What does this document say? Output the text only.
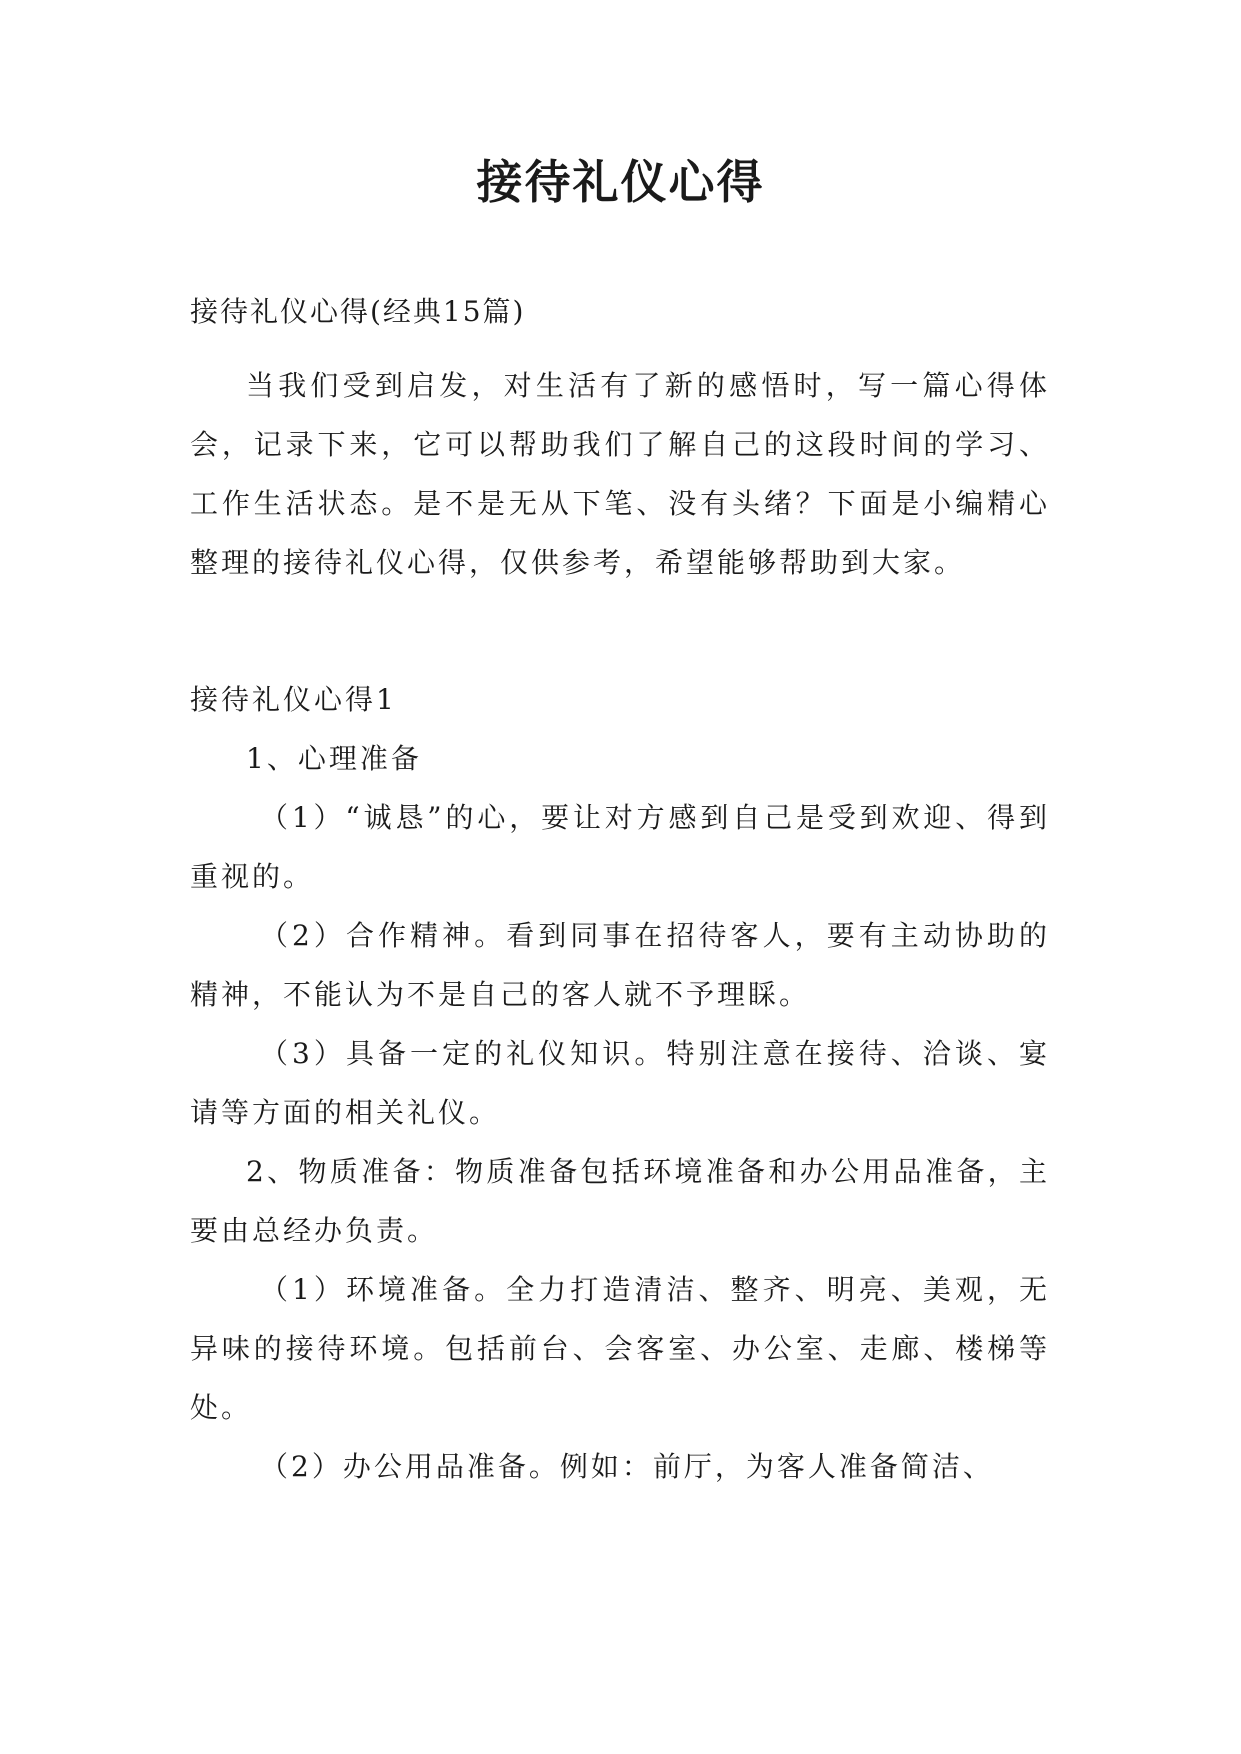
接待礼仪心得
接待礼仪心得(经典15篇)

当我们受到启发，对生活有了新的感悟时，写一篇心得体会，记录下来，它可以帮助我们了解自己的这段时间的学习、工作生活状态。是不是无从下笔、没有头绪？下面是小编精心整理的接待礼仪心得，仅供参考，希望能够帮助到大家。

接待礼仪心得1

1、心理准备

（1）“诚恳”的心，要让对方感到自己是受到欢迎、得到重视的。

（2）合作精神。看到同事在招待客人，要有主动协助的精神，不能认为不是自己的客人就不予理睬。

（3）具备一定的礼仪知识。特别注意在接待、洽谈、宴请等方面的相关礼仪。

2、物质准备：物质准备包括环境准备和办公用品准备，主要由总经办负责。

（1）环境准备。全力打造清洁、整齐、明亮、美观，无异味的接待环境。包括前台、会客室、办公室、走廊、楼梯等处。

（2）办公用品准备。例如：前厅，为客人准备简洁、
